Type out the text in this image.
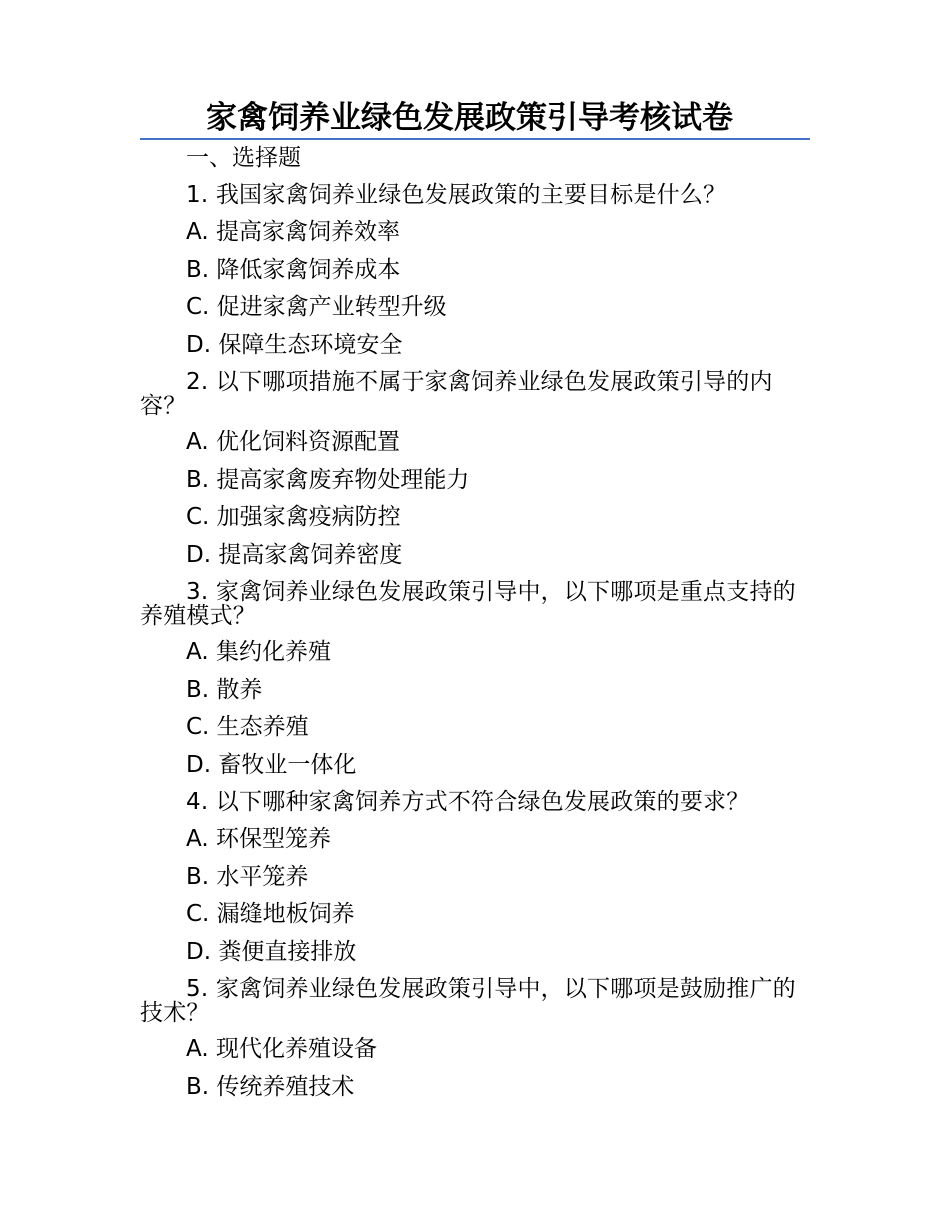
家禽饲养业绿色发展政策引导考核试卷

一、选择题

1. 我国家禽饲养业绿色发展政策的主要目标是什么？

A. 提高家禽饲养效率
B. 降低家禽饲养成本
C. 促进家禽产业转型升级
D. 保障生态环境安全

2. 以下哪项措施不属于家禽饲养业绿色发展政策引导的内容？

A. 优化饲料资源配置
B. 提高家禽废弃物处理能力
C. 加强家禽疫病防控
D. 提高家禽饲养密度

3. 家禽饲养业绿色发展政策引导中，以下哪项是重点支持的养殖模式？

A. 集约化养殖
B. 散养
C. 生态养殖
D. 畜牧业一体化

4. 以下哪种家禽饲养方式不符合绿色发展政策的要求？

A. 环保型笼养
B. 水平笼养
C. 漏缝地板饲养
D. 粪便直接排放

5. 家禽饲养业绿色发展政策引导中，以下哪项是鼓励推广的技术？

A. 现代化养殖设备
B. 传统养殖技术
